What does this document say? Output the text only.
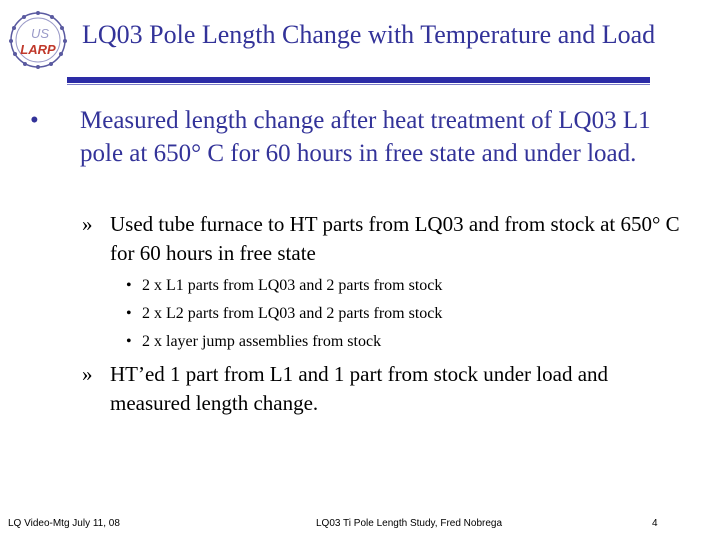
US
LARP
LQ03 Pole Length Change with Temperature and Load
• Measured length change after heat treatment of LQ03 L1 pole at 650° C for 60 hours in free state and under load.
» Used tube furnace to HT parts from LQ03 and from stock at 650° C for 60 hours in free state
• 2 x L1 parts from LQ03 and 2 parts from stock
• 2 x L2 parts from LQ03 and 2 parts from stock
• 2 x layer jump assemblies from stock
» HT’ed 1 part from L1 and 1 part from stock under load and measured length change.
LQ Video-Mtg July 11, 08	LQ03 Ti Pole Length Study, Fred Nobrega	4
